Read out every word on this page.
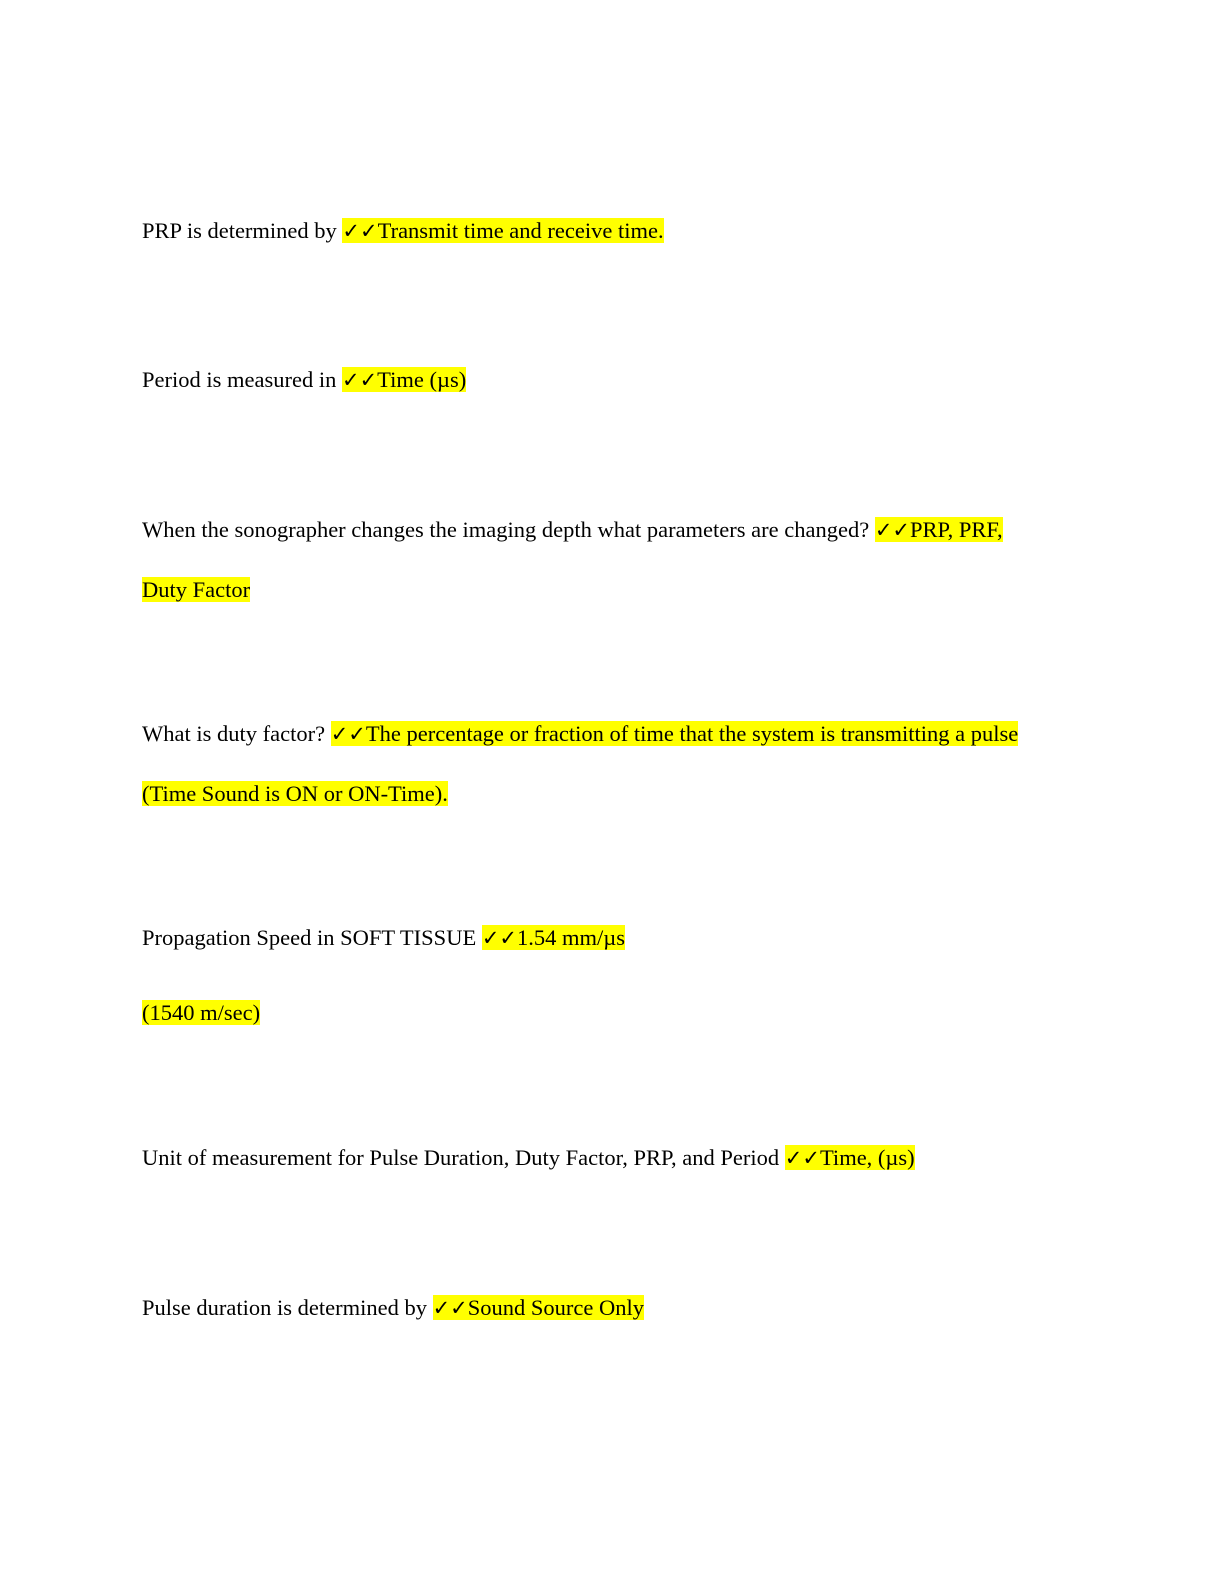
PRP is determined by ✓✓Transmit time and receive time.

Period is measured in ✓✓Time (µs)

When the sonographer changes the imaging depth what parameters are changed? ✓✓PRP, PRF,
Duty Factor

What is duty factor? ✓✓The percentage or fraction of time that the system is transmitting a pulse
(Time Sound is ON or ON-Time).

Propagation Speed in SOFT TISSUE ✓✓1.54 mm/µs

(1540 m/sec)

Unit of measurement for Pulse Duration, Duty Factor, PRP, and Period ✓✓Time, (µs)

Pulse duration is determined by ✓✓Sound Source Only
